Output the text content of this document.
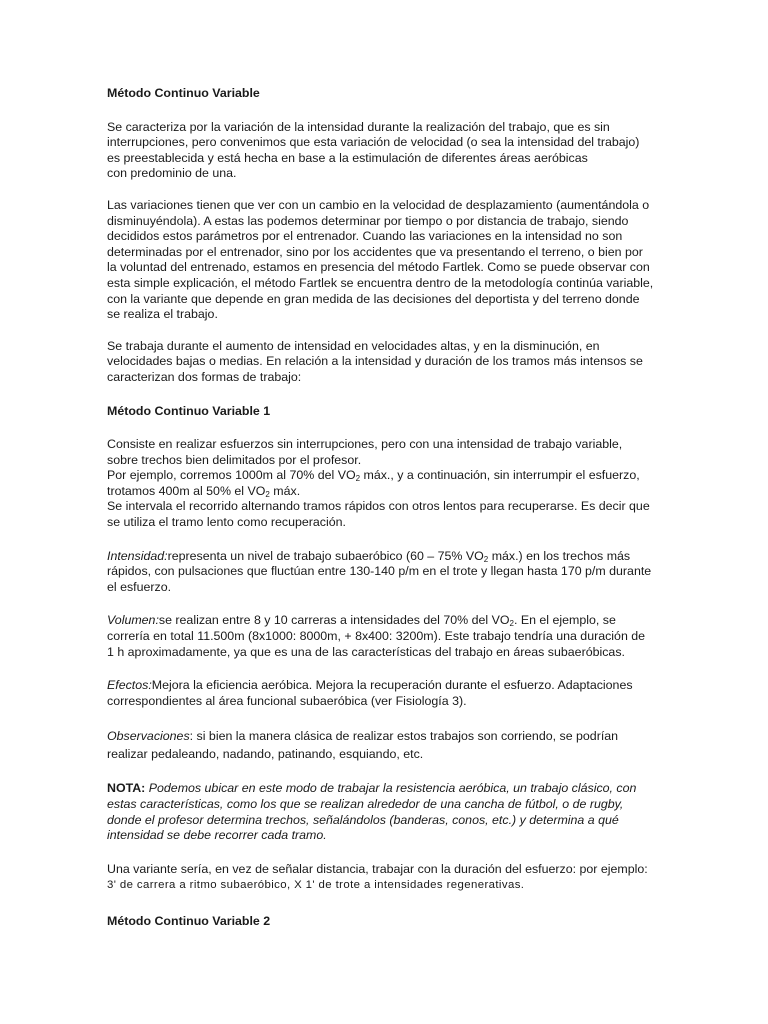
Método Continuo Variable

Se caracteriza por la variación de la intensidad durante la realización del trabajo, que es sin
interrupciones, pero convenimos que esta variación de velocidad (o sea la intensidad del trabajo)
es preestablecida y está hecha en base a la estimulación de diferentes áreas aeróbicas
con predominio de una.

Las variaciones tienen que ver con un cambio en la velocidad de desplazamiento (aumentándola o
disminuyéndola). A estas las podemos determinar por tiempo o por distancia de trabajo, siendo
decididos estos parámetros por el entrenador. Cuando las variaciones en la intensidad no son
determinadas por el entrenador, sino por los accidentes que va presentando el terreno, o bien por
la voluntad del entrenado, estamos en presencia del método Fartlek. Como se puede observar con
esta simple explicación, el método Fartlek se encuentra dentro de la metodología continúa variable,
con la variante que depende en gran medida de las decisiones del deportista y del terreno donde
se realiza el trabajo.

Se trabaja durante el aumento de intensidad en velocidades altas, y en la disminución, en
velocidades bajas o medias. En relación a la intensidad y duración de los tramos más intensos se
caracterizan dos formas de trabajo:

Método Continuo Variable 1

Consiste en realizar esfuerzos sin interrupciones, pero con una intensidad de trabajo variable,
sobre trechos bien delimitados por el profesor.
Por ejemplo, corremos 1000m al 70% del $VO_2$ máx., y a continuación, sin interrumpir el esfuerzo,
trotamos 400m al 50% el $VO_2$ máx.
Se intervala el recorrido alternando tramos rápidos con otros lentos para recuperarse. Es decir que
se utiliza el tramo lento como recuperación.

Intensidad:representa un nivel de trabajo subaeróbico (60 – 75% $VO_2$ máx.) en los trechos más
rápidos, con pulsaciones que fluctúan entre 130-140 p/m en el trote y llegan hasta 170 p/m durante
el esfuerzo.

Volumen:se realizan entre 8 y 10 carreras a intensidades del 70% del $VO_2$. En el ejemplo, se
correría en total 11.500m (8x1000: 8000m, + 8x400: 3200m). Este trabajo tendría una duración de
1 h aproximadamente, ya que es una de las características del trabajo en áreas subaeróbicas.

Efectos:Mejora la eficiencia aeróbica. Mejora la recuperación durante el esfuerzo. Adaptaciones
correspondientes al área funcional subaeróbica (ver Fisiología 3).

Observaciones: si bien la manera clásica de realizar estos trabajos son corriendo, se podrían
realizar pedaleando, nadando, patinando, esquiando, etc.

NOTA: Podemos ubicar en este modo de trabajar la resistencia aeróbica, un trabajo clásico, con
estas características, como los que se realizan alrededor de una cancha de fútbol, o de rugby,
donde el profesor determina trechos, señalándolos (banderas, conos, etc.) y determina a qué
intensidad se debe recorrer cada tramo.

Una variante sería, en vez de señalar distancia, trabajar con la duración del esfuerzo: por ejemplo:
3' de carrera a ritmo subaeróbico, X 1' de trote a intensidades regenerativas.

Método Continuo Variable 2
